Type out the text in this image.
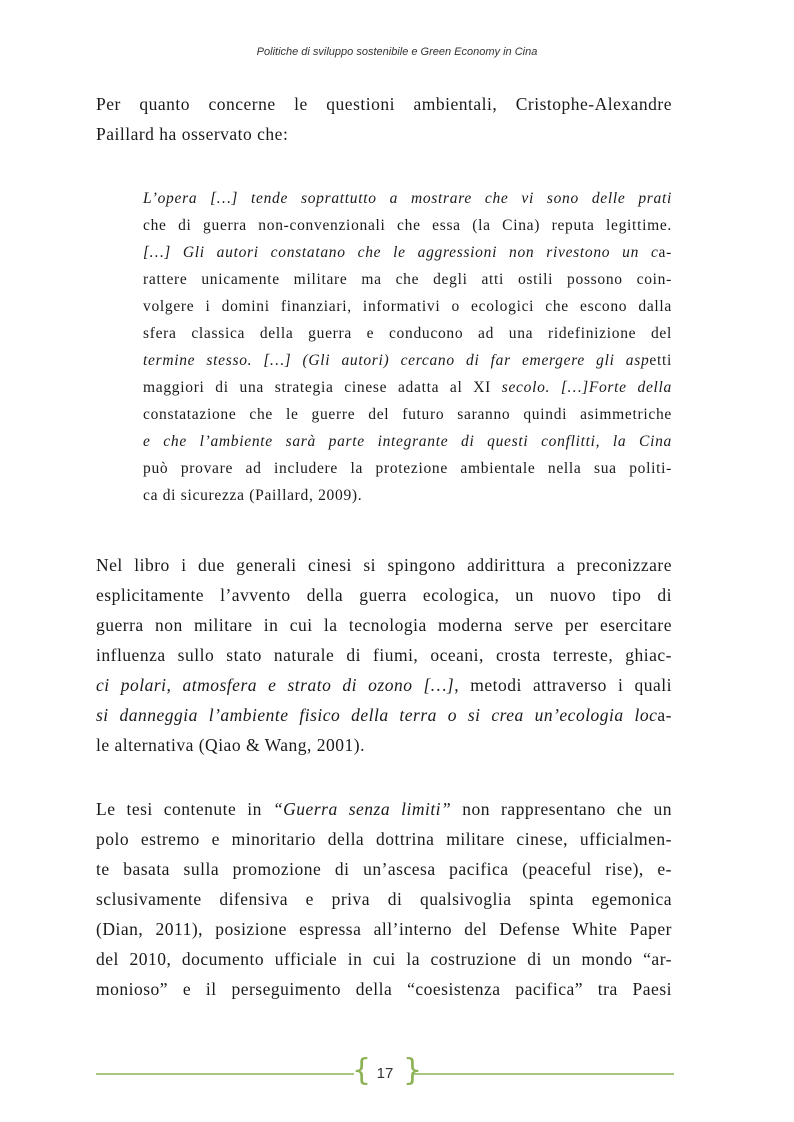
Politiche di sviluppo sostenibile e Green Economy in Cina
Per quanto concerne le questioni ambientali, Cristophe-Alexandre
Paillard ha osservato che:
L’opera […] tende soprattutto a mostrare che vi sono delle prati
che di guerra non-convenzionali che essa (la Cina) reputa legittime.
[…] Gli autori constatano che le aggressioni non rivestono un ca-
rattere unicamente militare ma che degli atti ostili possono coin-
volgere i domini finanziari, informativi o ecologici che escono dalla
sfera classica della guerra e conducono ad una ridefinizione del
termine stesso. […] (Gli autori) cercano di far emergere gli aspetti
maggiori di una strategia cinese adatta al XI secolo. […]Forte della
constatazione che le guerre del futuro saranno quindi asimmetriche
e che l’ambiente sarà parte integrante di questi conflitti, la Cina
può provare ad includere la protezione ambientale nella sua politi-
ca di sicurezza (Paillard, 2009).
Nel libro i due generali cinesi si spingono addirittura a preconizzare
esplicitamente l’avvento della guerra ecologica, un nuovo tipo di
guerra non militare in cui la tecnologia moderna serve per esercitare
influenza sullo stato naturale di fiumi, oceani, crosta terreste, ghiac-
ci polari, atmosfera e strato di ozono […], metodi attraverso i quali
si danneggia l’ambiente fisico della terra o si crea un’ecologia loca-
le alternativa (Qiao & Wang, 2001).
Le tesi contenute in “Guerra senza limiti” non rappresentano che un
polo estremo e minoritario della dottrina militare cinese, ufficialmen-
te basata sulla promozione di un’ascesa pacifica (peaceful rise), e-
sclusivamente difensiva e priva di qualsivoglia spinta egemonica
(Dian, 2011), posizione espressa all’interno del Defense White Paper
del 2010, documento ufficiale in cui la costruzione di un mondo “ar-
monioso” e il perseguimento della “coesistenza pacifica” tra Paesi
{ }
17
